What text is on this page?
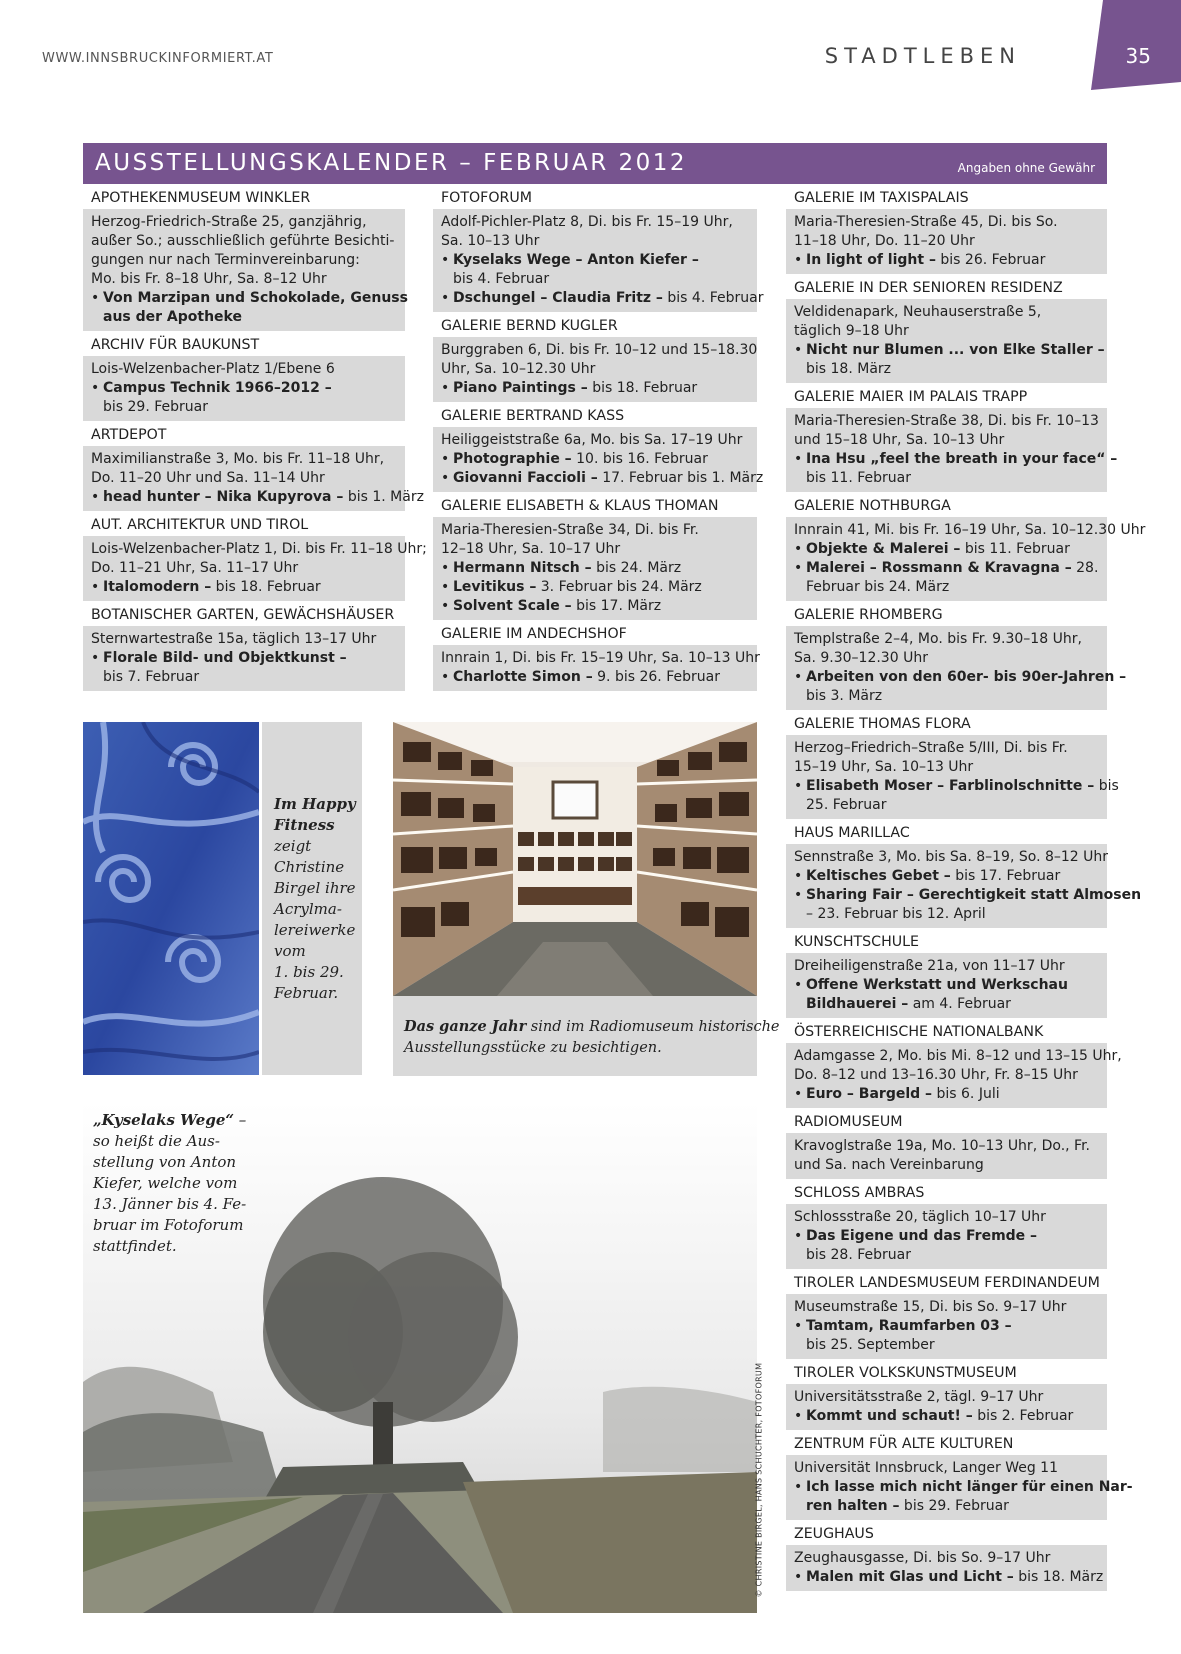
WWW.INNSBRUCKINFORMIERT.AT	STADTLEBEN	35
AUSSTELLUNGSKALENDER – FEBRUAR 2012	Angaben ohne Gewähr
APOTHEKENMUSEUM WINKLER
Herzog-Friedrich-Straße 25, ganzjährig,
außer So.; ausschließlich geführte Besichti-
gungen nur nach Terminvereinbarung:
Mo. bis Fr. 8–18 Uhr, Sa. 8–12 Uhr
• Von Marzipan und Schokolade, Genuss
aus der Apotheke
ARCHIV FÜR BAUKUNST
Lois-Welzenbacher-Platz 1/Ebene 6
• Campus Technik 1966–2012 –
bis 29. Februar
ARTDEPOT
Maximilianstraße 3, Mo. bis Fr. 11–18 Uhr,
Do. 11–20 Uhr und Sa. 11–14 Uhr
• head hunter – Nika Kupyrova – bis 1. März
AUT. ARCHITEKTUR UND TIROL
Lois-Welzenbacher-Platz 1, Di. bis Fr. 11–18 Uhr;
Do. 11–21 Uhr, Sa. 11–17 Uhr
• Italomodern – bis 18. Februar
BOTANISCHER GARTEN, GEWÄCHSHÄUSER
Sternwartestraße 15a, täglich 13–17 Uhr
• Florale Bild- und Objektkunst –
bis 7. Februar
FOTOFORUM
Adolf-Pichler-Platz 8, Di. bis Fr. 15–19 Uhr,
Sa. 10–13 Uhr
• Kyselaks Wege – Anton Kiefer –
bis 4. Februar
• Dschungel – Claudia Fritz – bis 4. Februar
GALERIE BERND KUGLER
Burggraben 6, Di. bis Fr. 10–12 und 15–18.30
Uhr, Sa. 10–12.30 Uhr
• Piano Paintings – bis 18. Februar
GALERIE BERTRAND KASS
Heiliggeiststraße 6a, Mo. bis Sa. 17–19 Uhr
• Photographie – 10. bis 16. Februar
• Giovanni Faccioli – 17. Februar bis 1. März
GALERIE ELISABETH & KLAUS THOMAN
Maria-Theresien-Straße 34, Di. bis Fr.
12–18 Uhr, Sa. 10–17 Uhr
• Hermann Nitsch – bis 24. März
• Levitikus – 3. Februar bis 24. März
• Solvent Scale – bis 17. März
GALERIE IM ANDECHSHOF
Innrain 1, Di. bis Fr. 15–19 Uhr, Sa. 10–13 Uhr
• Charlotte Simon – 9. bis 26. Februar
GALERIE IM TAXISPALAIS
Maria-Theresien-Straße 45, Di. bis So.
11–18 Uhr, Do. 11–20 Uhr
• In light of light – bis 26. Februar
GALERIE IN DER SENIOREN RESIDENZ
Veldidenapark, Neuhauserstraße 5,
täglich 9–18 Uhr
• Nicht nur Blumen ... von Elke Staller –
bis 18. März
GALERIE MAIER IM PALAIS TRAPP
Maria-Theresien-Straße 38, Di. bis Fr. 10–13
und 15–18 Uhr, Sa. 10–13 Uhr
• Ina Hsu „feel the breath in your face“ –
bis 11. Februar
GALERIE NOTHBURGA
Innrain 41, Mi. bis Fr. 16–19 Uhr, Sa. 10–12.30 Uhr
• Objekte & Malerei – bis 11. Februar
• Malerei – Rossmann & Kravagna – 28.
Februar bis 24. März
GALERIE RHOMBERG
Templstraße 2–4, Mo. bis Fr. 9.30–18 Uhr,
Sa. 9.30–12.30 Uhr
• Arbeiten von den 60er- bis 90er-Jahren –
bis 3. März
GALERIE THOMAS FLORA
Herzog–Friedrich–Straße 5/III, Di. bis Fr.
15–19 Uhr, Sa. 10–13 Uhr
• Elisabeth Moser – Farblinolschnitte – bis
25. Februar
HAUS MARILLAC
Sennstraße 3, Mo. bis Sa. 8–19, So. 8–12 Uhr
• Keltisches Gebet – bis 17. Februar
• Sharing Fair – Gerechtigkeit statt Almosen
– 23. Februar bis 12. April
KUNSCHTSCHULE
Dreiheiligenstraße 21a, von 11–17 Uhr
• Offene Werkstatt und Werkschau
Bildhauerei – am 4. Februar
ÖSTERREICHISCHE NATIONALBANK
Adamgasse 2, Mo. bis Mi. 8–12 und 13–15 Uhr,
Do. 8–12 und 13–16.30 Uhr, Fr. 8–15 Uhr
• Euro – Bargeld – bis 6. Juli
RADIOMUSEUM
Kravoglstraße 19a, Mo. 10–13 Uhr, Do., Fr.
und Sa. nach Vereinbarung
SCHLOSS AMBRAS
Schlossstraße 20, täglich 10–17 Uhr
• Das Eigene und das Fremde –
bis 28. Februar
TIROLER LANDESMUSEUM FERDINANDEUM
Museumstraße 15, Di. bis So. 9–17 Uhr
• Tamtam, Raumfarben 03 –
bis 25. September
TIROLER VOLKSKUNSTMUSEUM
Universitätsstraße 2, tägl. 9–17 Uhr
• Kommt und schaut! – bis 2. Februar
ZENTRUM FÜR ALTE KULTUREN
Universität Innsbruck, Langer Weg 11
• Ich lasse mich nicht länger für einen Nar-
ren halten – bis 29. Februar
ZEUGHAUS
Zeughausgasse, Di. bis So. 9–17 Uhr
• Malen mit Glas und Licht – bis 18. März
Im Happy
Fitness
zeigt
Christine
Birgel ihre
Acrylma-
lereiwerke
vom
1. bis 29.
Februar.
Das ganze Jahr sind im Radiomuseum historische
Ausstellungsstücke zu besichtigen.
„Kyselaks Wege“ –
so heißt die Aus-
stellung von Anton
Kiefer, welche vom
13. Jänner bis 4. Fe-
bruar im Fotoforum
stattfindet.
© CHRISTINE BIRGEL, HANS SCHUCHTER, FOTOFORUM
